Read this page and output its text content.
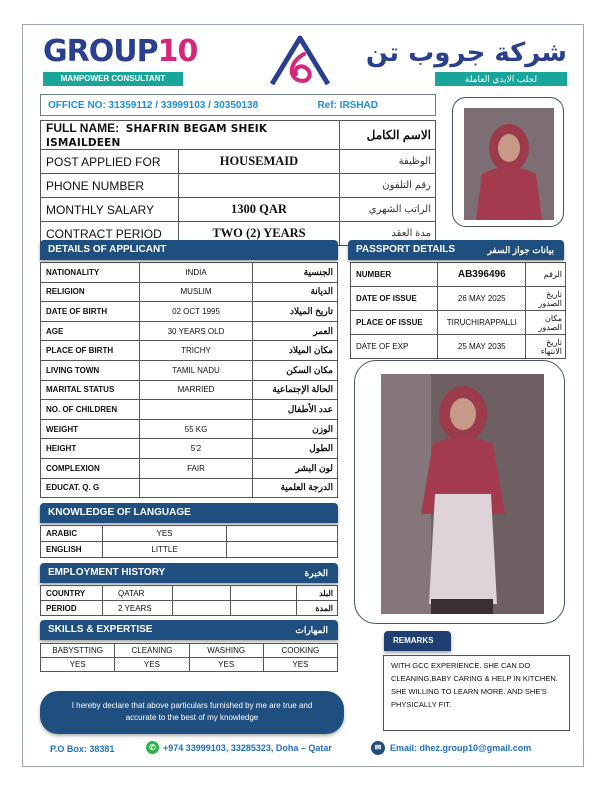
GROUP10
MANPOWER CONSULTANT
شركة جروب تن
لجلب الايدي العاملة
OFFICE NO: 31359112 / 33999103 / 30350138	Ref: IRSHAD
FULL NAME: SHAFRIN BEGAM SHEIK ISMAILDEEN		الاسم الكامل
POST APPLIED FOR	HOUSEMAID	الوظيفة
PHONE NUMBER		رقم التلفون
MONTHLY SALARY	1300 QAR	الراتب الشهري
CONTRACT PERIOD	TWO (2) YEARS	مدة العقد
DETAILS OF APPLICANT
NATIONALITY	INDIA	الجنسية
RELIGION	MUSLIM	الديانة
DATE OF BIRTH	02 OCT 1995	تاريخ الميلاد
AGE	30 YEARS OLD	العمر
PLACE OF BIRTH	TRICHY	مكان الميلاد
LIVING TOWN	TAMIL NADU	مكان السكن
MARITAL STATUS	MARRIED	الحالة الإجتماعية
NO. OF CHILDREN		عدد الأطفال
WEIGHT	55 KG	الوزن
HEIGHT	5'2	الطول
COMPLEXION	FAIR	لون البشر
EDUCAT. Q. G		الدرجة العلمية
PASSPORT DETAILS	بيانات جواز السفر
NUMBER	AB396496	الرقم
DATE OF ISSUE	26 MAY 2025	تاريخ الصدور
PLACE OF ISSUE	TIRUCHIRAPPALLI	مكان الصدور
DATE OF EXP	25 MAY 2035	تاريخ الانتهاء
KNOWLEDGE OF LANGUAGE
ARABIC	YES	
ENGLISH	LITTLE	
EMPLOYMENT HISTORY	الخبرة
COUNTRY	QATAR			البلد
PERIOD	2 YEARS			المدة
SKILLS & EXPERTISE	المهارات
BABYSTTING	CLEANING	WASHING	COOKING
YES	YES	YES	YES
REMARKS
WITH GCC EXPERIENCE. SHE CAN DO CLEANING,BABY CARING & HELP IN KITCHEN. SHE WILLING TO LEARN MORE. AND SHE'S PHYSICALLY FIT.
I hereby declare that above particulars furnished by me are true and accurate to the best of my knowledge
P.O Box: 38381	✆ +974 33999103, 33285323, Doha – Qatar	✉ Email: dhez.group10@gmail.com
